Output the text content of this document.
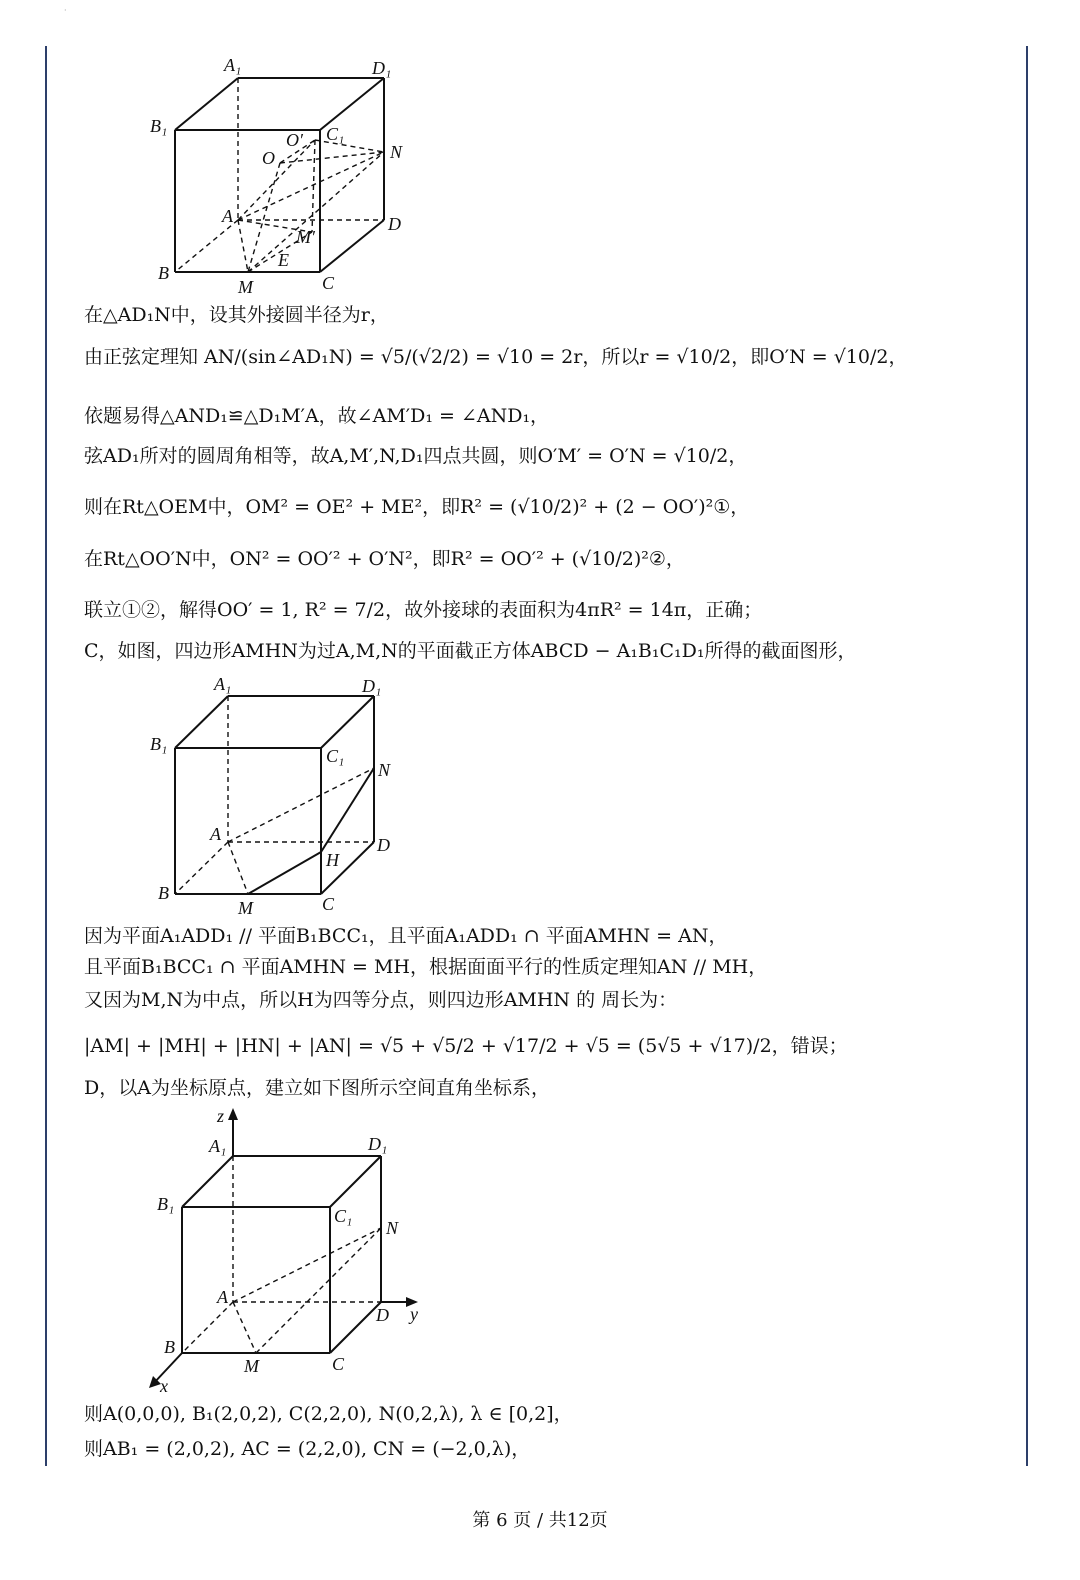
·
A₁	D₁
B₁	C₁
O′
O	N
A
M′
D
E
B
M	C
在△AD₁N中，设其外接圆半径为r，
由正弦定理知 AN/(sin∠AD₁N) = √5/(√2/2) = √10 = 2r，所以r = √10/2，即O′N = √10/2，
依题易得△AND₁≌△D₁M′A，故∠AM′D₁ = ∠AND₁，
弦AD₁所对的圆周角相等，故A,M′,N,D₁四点共圆，则O′M′ = O′N = √10/2，
则在Rt△OEM中，OM² = OE² + ME²，即R² = (√10/2)² + (2 − OO′)²①，
在Rt△OO′N中，ON² = OO′² + O′N²，即R² = OO′² + (√10/2)²②，
联立①②，解得OO′ = 1, R² = 7/2，故外接球的表面积为4πR² = 14π，正确；
C，如图，四边形AMHN为过A,M,N的平面截正方体ABCD − A₁B₁C₁D₁所得的截面图形，
A₁	D₁
B₁
C₁
N
A
D
H
B
M	C
因为平面A₁ADD₁ // 平面B₁BCC₁，且平面A₁ADD₁ ∩ 平面AMHN = AN，
且平面B₁BCC₁ ∩ 平面AMHN = MH，根据面面平行的性质定理知AN // MH，
又因为M,N为中点，所以H为四等分点，则四边形AMHN 的 周长为：
|AM| + |MH| + |HN| + |AN| = √5 + √5/2 + √17/2 + √5 = (5√5 + √17)/2，错误；
D，以A为坐标原点，建立如下图所示空间直角坐标系，
z
A₁	D₁
B₁
C₁
N
A
D y
B
M	C
x
则A(0,0,0), B₁(2,0,2), C(2,2,0), N(0,2,λ), λ ∈ [0,2]，
则AB₁ = (2,0,2), AC = (2,2,0), CN = (−2,0,λ)，
第 6 页 / 共12页
